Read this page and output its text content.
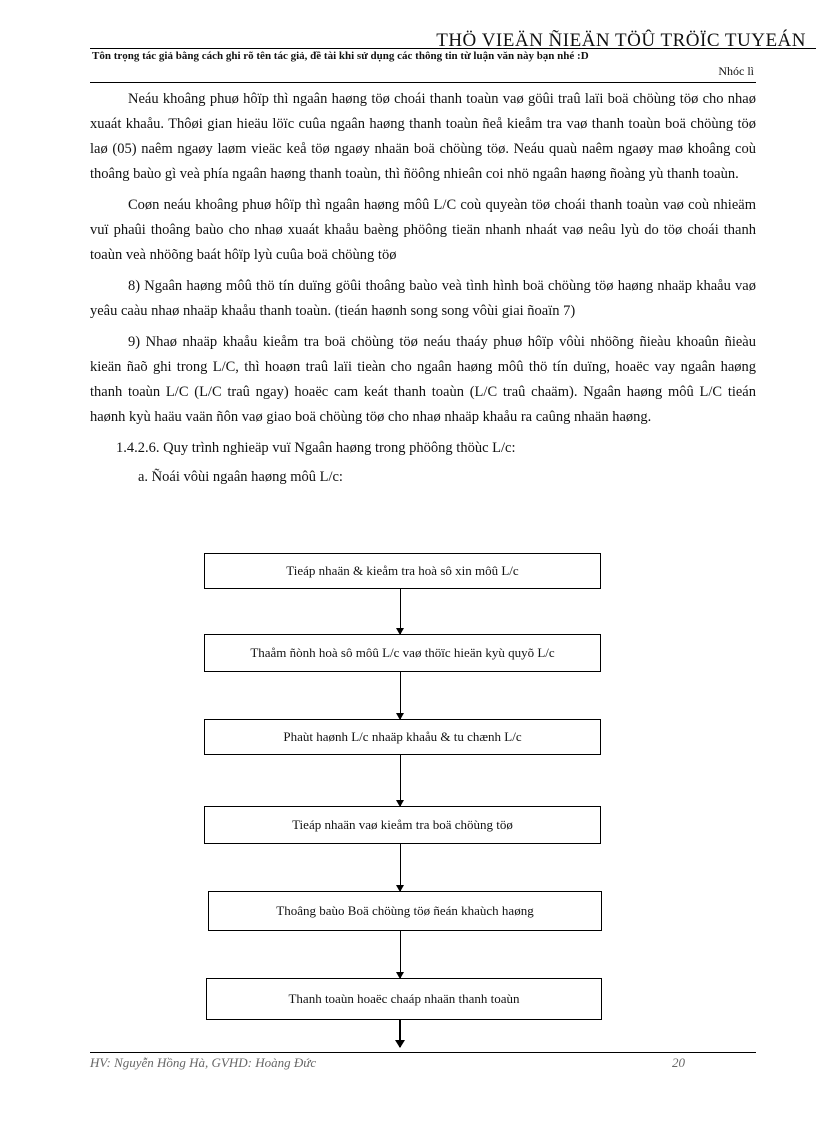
THÖ VIEÄN ÑIEÄN TÖÛ TRÖÏC TUYEÁN
Tôn trọng tác giả bằng cách ghi rõ tên tác giả, đề tài khi sử dụng các thông tin từ luận văn này bạn nhé :D
Nhóc lì

Neáu khoâng phuø hôïp thì ngaân haøng töø choái thanh toaùn vaø göûi traû laïi boä chöùng töø cho nhaø xuaát khaåu. Thôøi gian hieäu löïc cuûa ngaân haøng thanh toaùn ñeå kieåm tra vaø thanh toaùn boä chöùng töø laø (05) naêm ngaøy laøm vieäc keå töø ngaøy nhaän boä chöùng töø. Neáu quaù naêm ngaøy maø khoâng coù thoâng baùo gì veà phía ngaân haøng thanh toaùn, thì ñöông nhieân coi nhö ngaân haøng ñoàng yù thanh toaùn.

Coøn neáu khoâng phuø hôïp thì ngaân haøng môû L/C coù quyeàn töø choái thanh toaùn vaø coù nhieäm vuï phaûi thoâng baùo cho nhaø xuaát khaåu baèng phöông tieän nhanh nhaát vaø neâu lyù do töø choái thanh toaùn veà nhöõng baát hôïp lyù cuûa boä chöùng töø

8) Ngaân haøng môû thö tín duïng göûi thoâng baùo veà tình hình boä chöùng töø haøng nhaäp khaåu vaø yeâu caàu nhaø nhaäp khaåu thanh toaùn. (tieán haønh song song vôùi giai ñoaïn 7)

9) Nhaø nhaäp khaåu kieåm tra boä chöùng töø neáu thaáy phuø hôïp vôùi nhöõng ñieàu khoaûn ñieàu kieän ñaõ ghi trong L/C, thì hoaøn traû laïi tieàn cho ngaân haøng môû thö tín duïng, hoaëc vay ngaân haøng thanh toaùn L/C (L/C traû ngay) hoaëc cam keát thanh toaùn (L/C traû chaäm). Ngaân haøng môû L/C tieán haønh kyù haäu vaän ñôn vaø giao boä chöùng töø cho nhaø nhaäp khaåu ra caûng nhaän haøng.

1.4.2.6. Quy trình nghieäp vuï Ngaân haøng trong phöông thöùc L/c:

a. Ñoái vôùi ngaân haøng môû L/c:

Tieáp nhaän & kieåm tra hoà sô xin môû L/c
Thaåm ñònh hoà sô môû L/c vaø thöïc hieän kyù quyõ L/c
Phaùt haønh L/c nhaäp khaåu & tu chænh L/c
Tieáp nhaän vaø kieåm tra boä chöùng töø
Thoâng baùo Boä chöùng töø ñeán khaùch haøng
Thanh toaùn hoaëc chaáp nhaän thanh toaùn
HV: Nguyễn Hồng Hà, GVHD: Hoàng Đức	20
